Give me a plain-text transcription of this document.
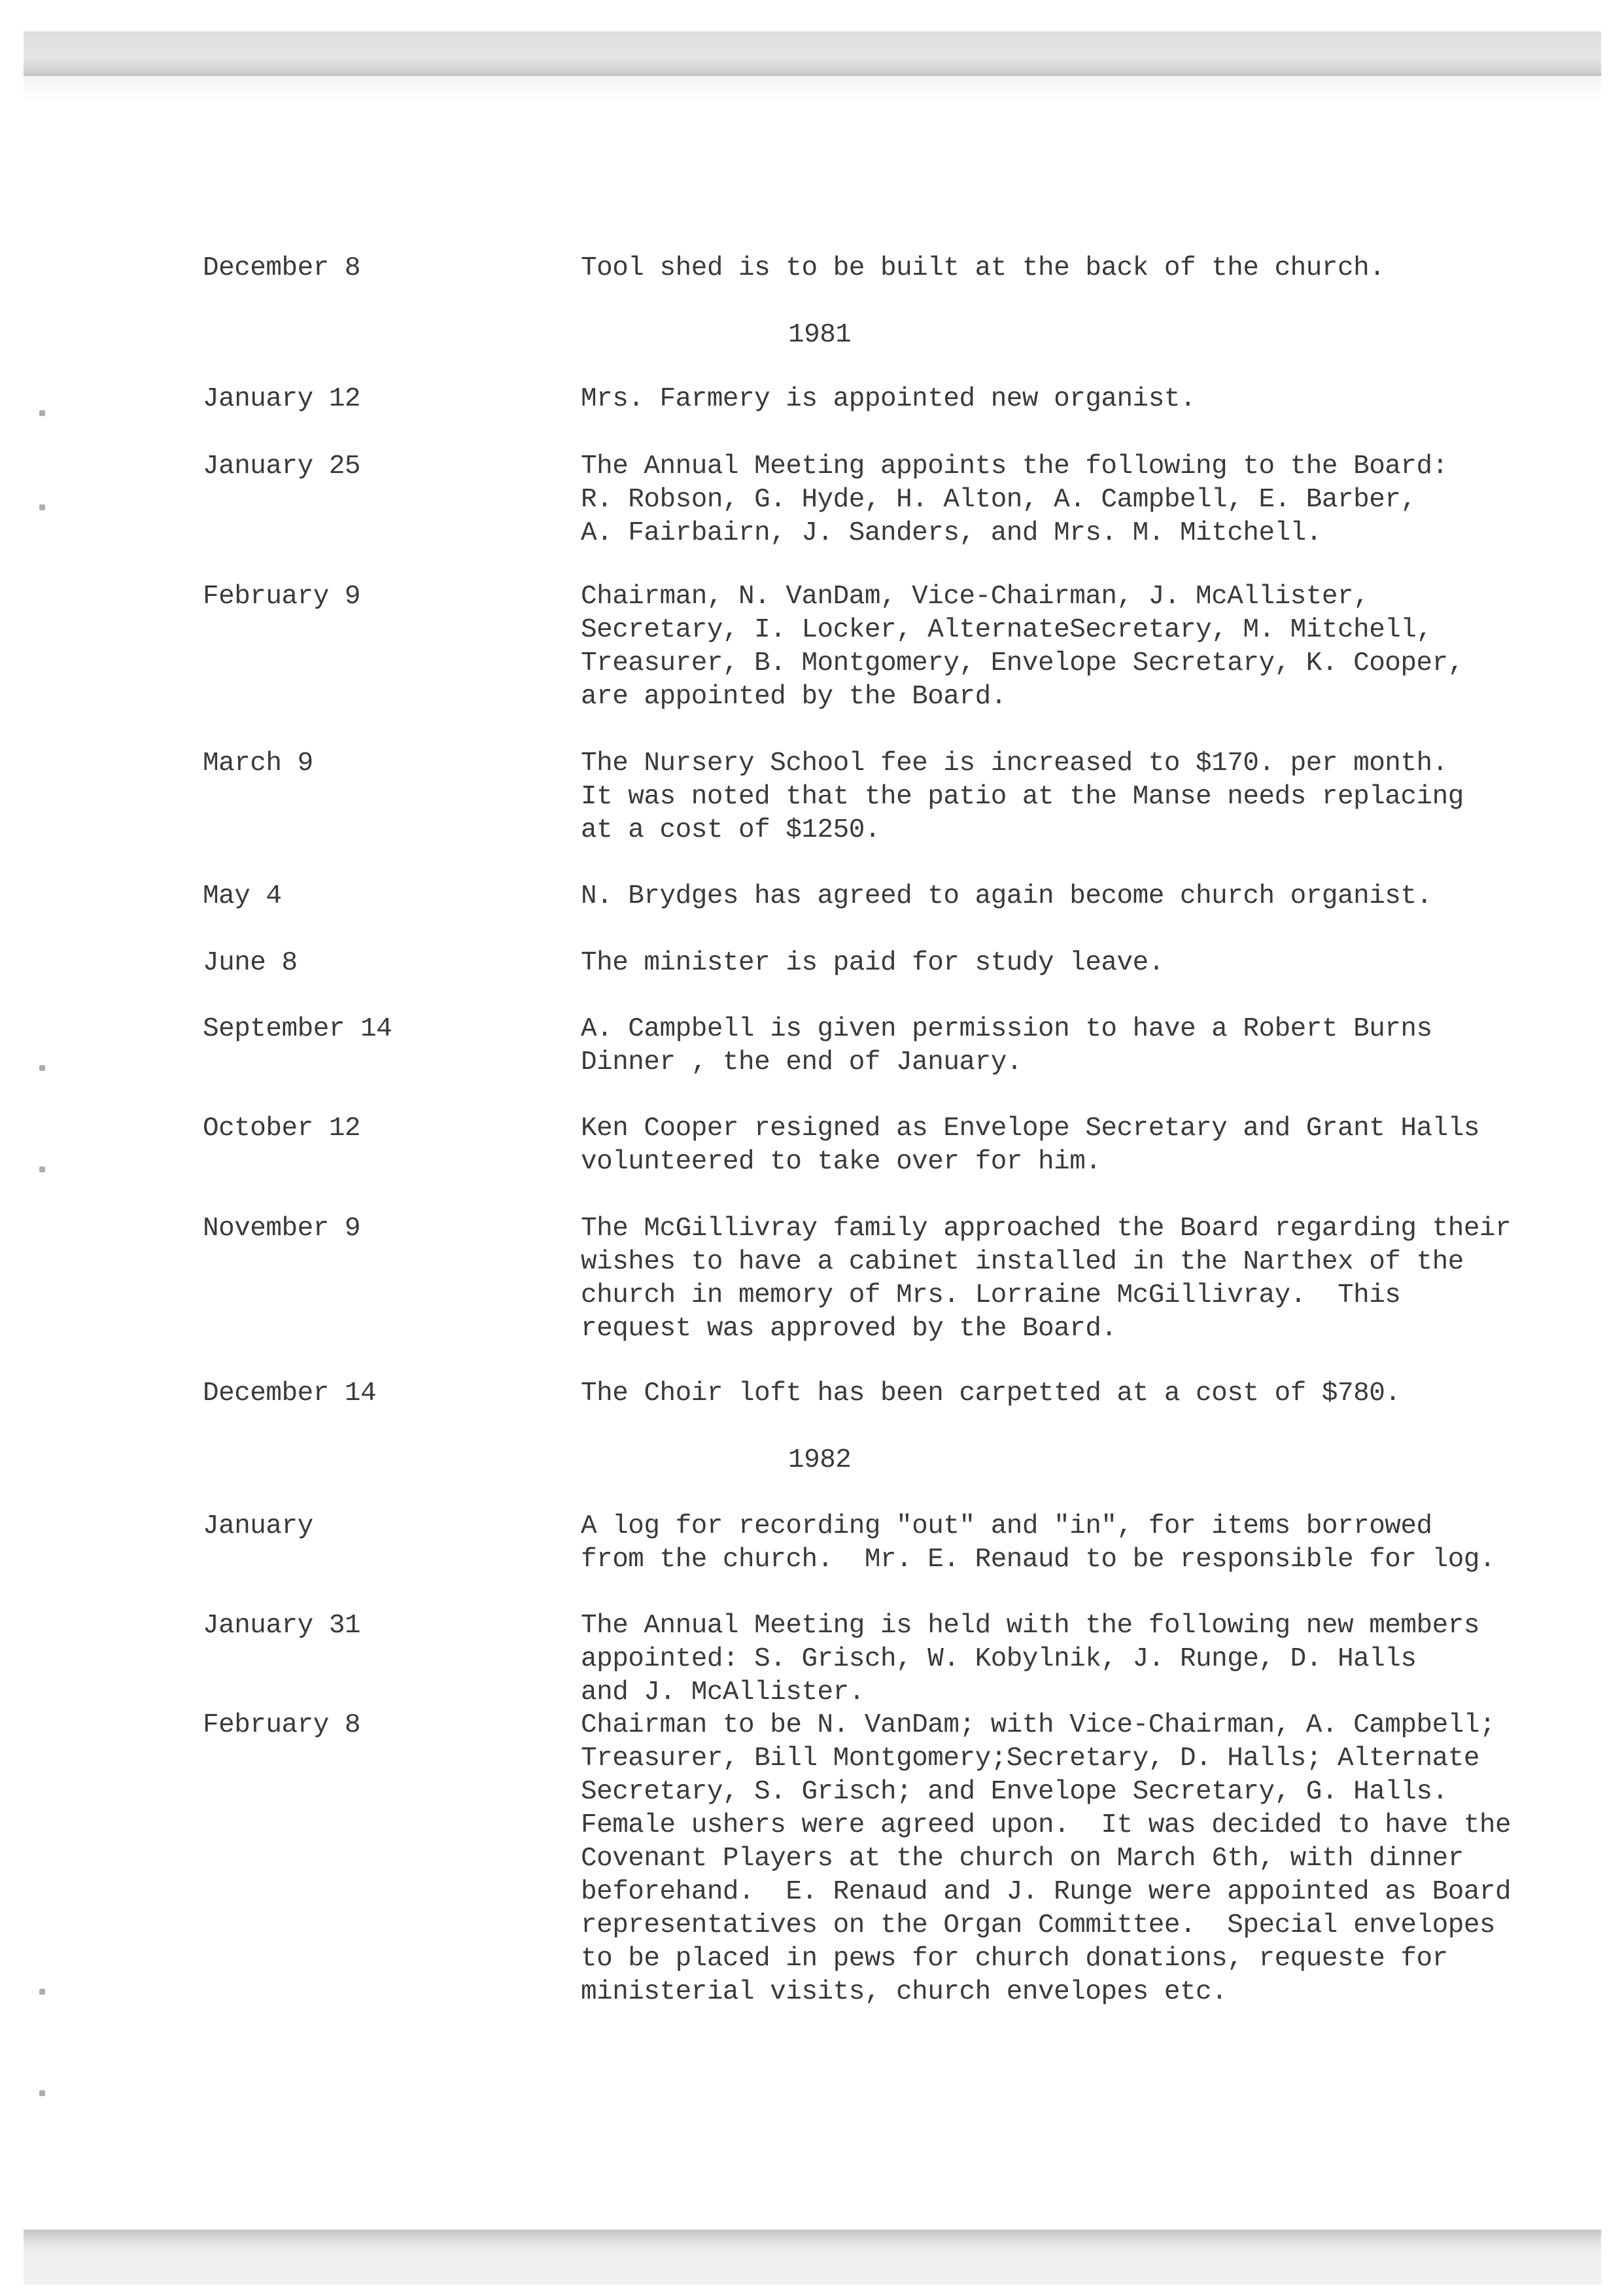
December 8	Tool shed is to be built at the back of the church.
1981
January 12	Mrs. Farmery is appointed new organist.
January 25	The Annual Meeting appoints the following to the Board:
R. Robson, G. Hyde, H. Alton, A. Campbell, E. Barber,
A. Fairbairn, J. Sanders, and Mrs. M. Mitchell.
February 9	Chairman, N. VanDam, Vice-Chairman, J. McAllister,
Secretary, I. Locker, AlternateSecretary, M. Mitchell,
Treasurer, B. Montgomery, Envelope Secretary, K. Cooper,
are appointed by the Board.
March 9	The Nursery School fee is increased to $170. per month.
It was noted that the patio at the Manse needs replacing
at a cost of $1250.
May 4	N. Brydges has agreed to again become church organist.
June 8	The minister is paid for study leave.
September 14	A. Campbell is given permission to have a Robert Burns
Dinner , the end of January.
October 12	Ken Cooper resigned as Envelope Secretary and Grant Halls
volunteered to take over for him.
November 9	The McGillivray family approached the Board regarding their
wishes to have a cabinet installed in the Narthex of the
church in memory of Mrs. Lorraine McGillivray.  This
request was approved by the Board.
December 14	The Choir loft has been carpetted at a cost of $780.
1982
January	A log for recording "out" and "in", for items borrowed
from the church.  Mr. E. Renaud to be responsible for log.
January 31	The Annual Meeting is held with the following new members
appointed: S. Grisch, W. Kobylnik, J. Runge, D. Halls
and J. McAllister.
February 8	Chairman to be N. VanDam; with Vice-Chairman, A. Campbell;
Treasurer, Bill Montgomery;Secretary, D. Halls; Alternate
Secretary, S. Grisch; and Envelope Secretary, G. Halls.
Female ushers were agreed upon.  It was decided to have the
Covenant Players at the church on March 6th, with dinner
beforehand.  E. Renaud and J. Runge were appointed as Board
representatives on the Organ Committee.  Special envelopes
to be placed in pews for church donations, requeste for
ministerial visits, church envelopes etc.
